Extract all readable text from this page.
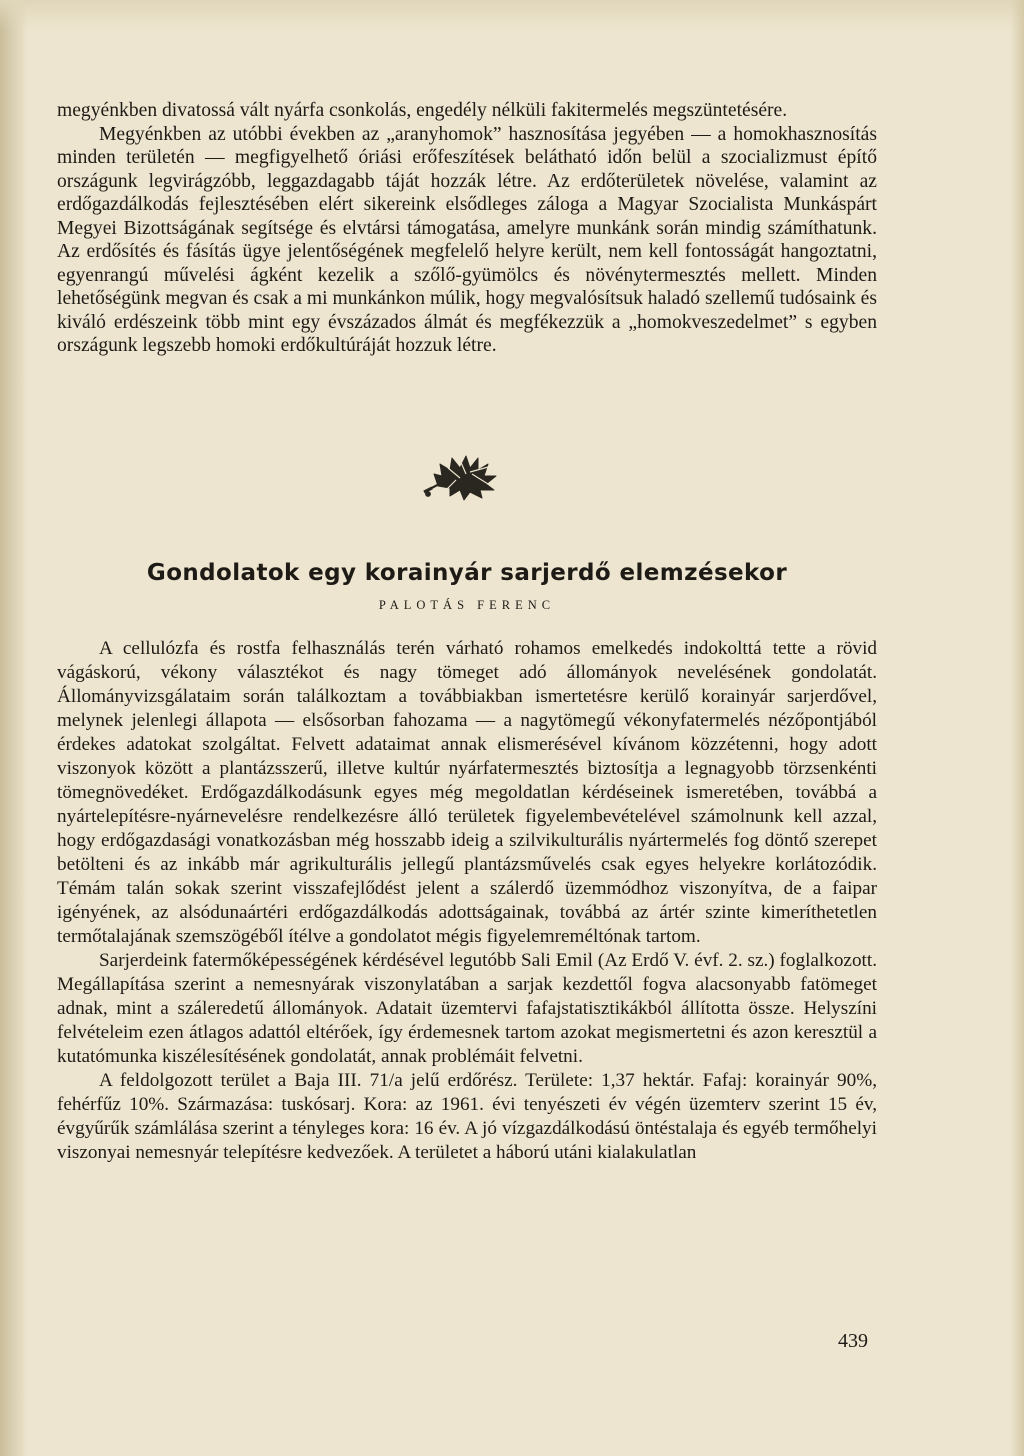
megyénkben divatossá vált nyárfa csonkolás, engedély nélküli fakitermelés megszüntetésére.

Megyénkben az utóbbi években az „aranyhomok” hasznosítása jegyében — a homokhasznosítás minden területén — megfigyelhető óriási erőfeszítések belátható időn belül a szocializmust építő országunk legvirágzóbb, leggazdagabb táját hozzák létre. Az erdőterületek növelése, valamint az erdőgazdálkodás fejlesztésében elért sikereink elsődleges záloga a Magyar Szocialista Munkáspárt Megyei Bizottságának segítsége és elvtársi támogatása, amelyre munkánk során mindig számíthatunk. Az erdősítés és fásítás ügye jelentőségének megfelelő helyre került, nem kell fontosságát hangoztatni, egyenrangú művelési ágként kezelik a szőlő-gyümölcs és növénytermesztés mellett. Minden lehetőségünk megvan és csak a mi munkánkon múlik, hogy megvalósítsuk haladó szellemű tudósaink és kiváló erdészeink több mint egy évszázados álmát és megfékezzük a „homokveszedelmet” s egyben országunk legszebb homoki erdőkultúráját hozzuk létre.

Gondolatok egy korainyár sarjerdő elemzésekor

PALOTÁS FERENC

A cellulózfa és rostfa felhasználás terén várható rohamos emelkedés indokolttá tette a rövid vágáskorú, vékony választékot és nagy tömeget adó állományok nevelésének gondolatát. Állományvizsgálataim során találkoztam a továbbiakban ismertetésre kerülő korainyár sarjerdővel, melynek jelenlegi állapota — elsősorban fahozama — a nagytömegű vékonyfatermelés nézőpontjából érdekes adatokat szolgáltat. Felvett adataimat annak elismerésével kívánom közzétenni, hogy adott viszonyok között a plantázsszerű, illetve kultúr nyárfatermesztés biztosítja a legnagyobb törzsenkénti tömegnövedéket. Erdőgazdálkodásunk egyes még megoldatlan kérdéseinek ismeretében, továbbá a nyártelepítésre-nyárnevelésre rendelkezésre álló területek figyelembevételével számolnunk kell azzal, hogy erdőgazdasági vonatkozásban még hosszabb ideig a szilvikulturális nyártermelés fog döntő szerepet betölteni és az inkább már agrikulturális jellegű plantázsművelés csak egyes helyekre korlátozódik. Témám talán sokak szerint visszafejlődést jelent a szálerdő üzemmódhoz viszonyítva, de a faipar igényének, az alsódunaártéri erdőgazdálkodás adottságainak, továbbá az ártér szinte kimeríthetetlen termőtalajának szemszögéből ítélve a gondolatot mégis figyelemreméltónak tartom.

Sarjerdeink fatermőképességének kérdésével legutóbb Sali Emil (Az Erdő V. évf. 2. sz.) foglalkozott. Megállapítása szerint a nemesnyárak viszonylatában a sarjak kezdettől fogva alacsonyabb fatömeget adnak, mint a száleredetű állományok. Adatait üzemtervi fafajstatisztikákból állította össze. Helyszíni felvételeim ezen átlagos adattól eltérőek, így érdemesnek tartom azokat megismertetni és azon keresztül a kutatómunka kiszélesítésének gondolatát, annak problémáit felvetni.

A feldolgozott terület a Baja III. 71/a jelű erdőrész. Területe: 1,37 hektár. Fafaj: korainyár 90%, fehérfűz 10%. Származása: tuskósarj. Kora: az 1961. évi tenyészeti év végén üzemterv szerint 15 év, évgyűrűk számlálása szerint a tényleges kora: 16 év. A jó vízgazdálkodású öntéstalaja és egyéb termőhelyi viszonyai nemesnyár telepítésre kedvezőek. A területet a háború utáni kialakulatlan

439
